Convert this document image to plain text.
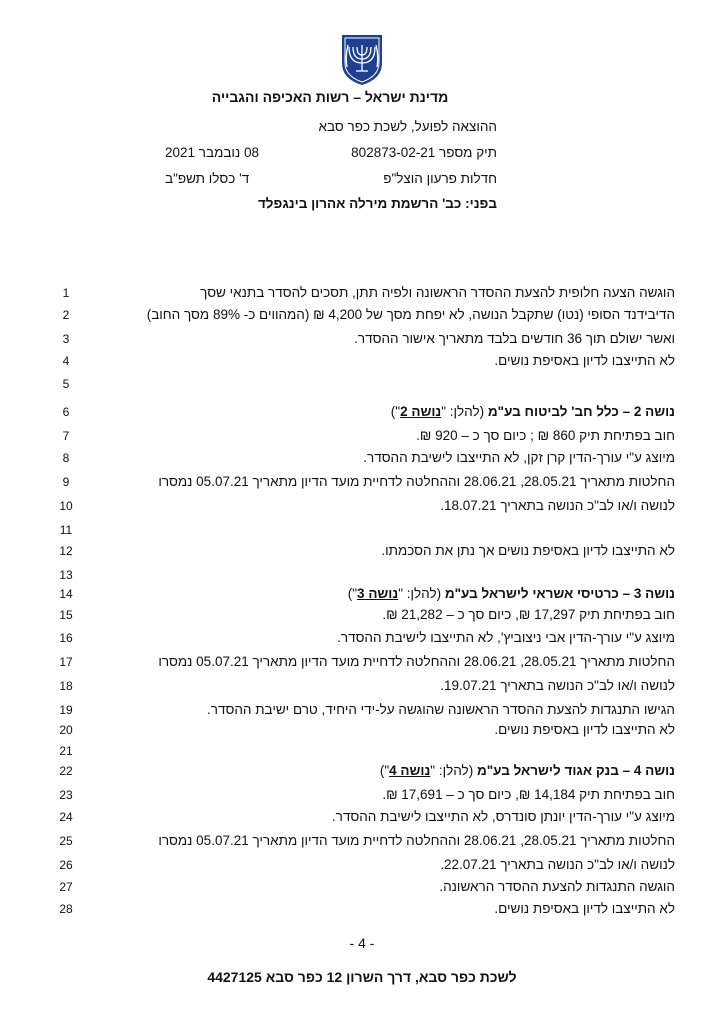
מדינת ישראל – רשות האכיפה והגבייה
ההוצאה לפועל, לשכת כפר סבא
תיק מספר 802873-02-21
08 נובמבר 2021
חדלות פרעון הוצל"פ
ד' כסלו תשפ"ב
בפני: כב' הרשמת מירלה אהרון בינגפלד
1	הוגשה הצעה חלופית להצעת ההסדר הראשונה ולפיה תתן, תסכים להסדר בתנאי שסך
2	הדיבידנד הסופי (נטו) שתקבל הנושה, לא יפחת מסך של 4,200 ₪ (המהווים כ- 89% מסך החוב)
3	ואשר ישולם תוך 36 חודשים בלבד מתאריך אישור ההסדר.
4	לא התייצבו לדיון באסיפת נושים.
5
6	נושה 2 – כלל חב' לביטוח בע"מ (להלן: "נושה 2")
7	חוב בפתיחת תיק 860 ₪ ; כיום סך כ – 920 ₪.
8	מיוצג ע"י עורך-הדין קרן זקן, לא התייצבו לישיבת ההסדר.
9	החלטות מתאריך 28.05.21, 28.06.21 וההחלטה לדחיית מועד הדיון מתאריך 05.07.21 נמסרו
10	לנושה ו/או לב"כ הנושה בתאריך 18.07.21.
11
12	לא התייצבו לדיון באסיפת נושים אך נתן את הסכמתו.
13
14	נושה 3 – כרטיסי אשראי לישראל בע"מ (להלן: "נושה 3")
15	חוב בפתיחת תיק 17,297 ₪, כיום סך כ – 21,282 ₪.
16	מיוצג ע"י עורך-הדין אבי ניצוביץ', לא התייצבו לישיבת ההסדר.
17	החלטות מתאריך 28.05.21, 28.06.21 וההחלטה לדחיית מועד הדיון מתאריך 05.07.21 נמסרו
18	לנושה ו/או לב"כ הנושה בתאריך 19.07.21.
19	הגישו התנגדות להצעת ההסדר הראשונה שהוגשה על-ידי היחיד, טרם ישיבת ההסדר.
20	לא התייצבו לדיון באסיפת נושים.
21
22	נושה 4 – בנק אגוד לישראל בע"מ (להלן: "נושה 4")
23	חוב בפתיחת תיק 14,184 ₪, כיום סך כ – 17,691 ₪.
24	מיוצג ע"י עורך-הדין יונתן סונדרס, לא התייצבו לישיבת ההסדר.
25	החלטות מתאריך 28.05.21, 28.06.21 וההחלטה לדחיית מועד הדיון מתאריך 05.07.21 נמסרו
26	לנושה ו/או לב"כ הנושה בתאריך 22.07.21.
27	הוגשה התנגדות להצעת ההסדר הראשונה.
28	לא התייצבו לדיון באסיפת נושים.
- 4 -
לשכת כפר סבא, דרך השרון 12 כפר סבא 4427125
